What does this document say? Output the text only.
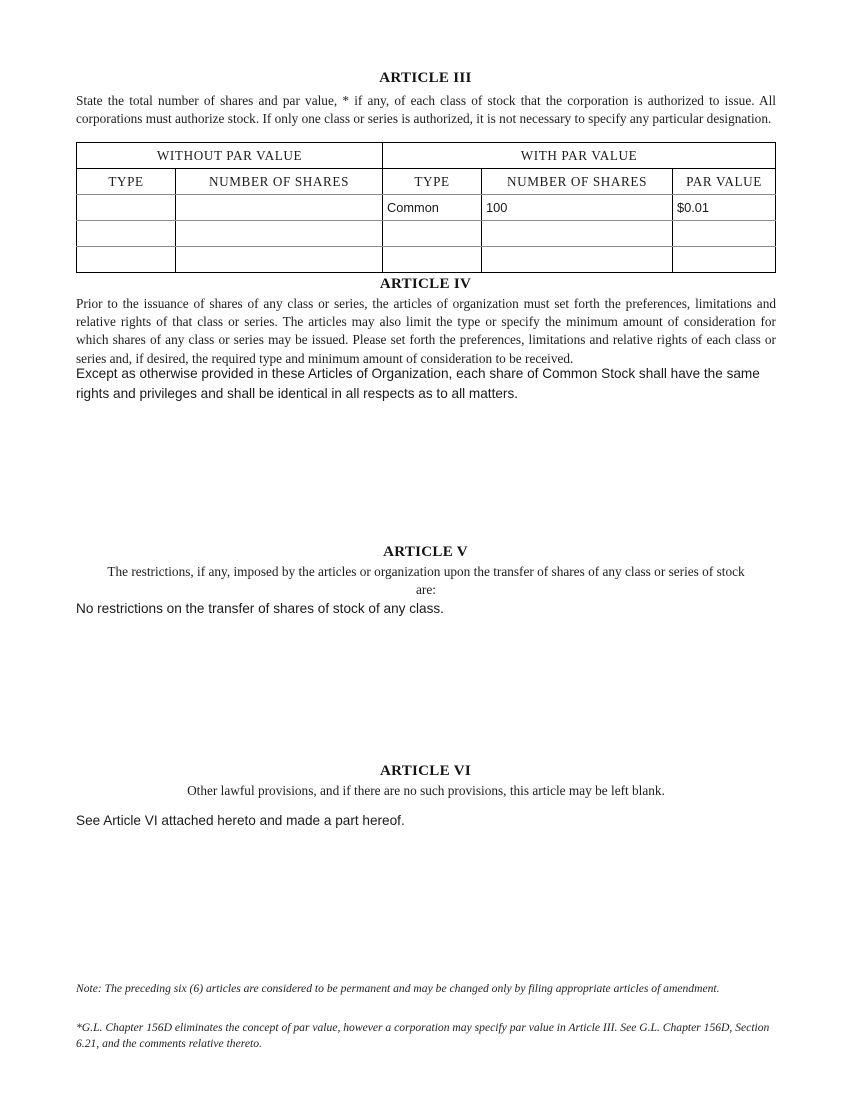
ARTICLE III
State the total number of shares and par value, * if any, of each class of stock that the corporation is authorized to issue. All corporations must authorize stock. If only one class or series is authorized, it is not necessary to specify any particular designation.
WITHOUT PAR VALUE		WITH PAR VALUE		

TYPE	NUMBER OF SHARES	TYPE	NUMBER OF SHARES	PAR VALUE

		Common	100	$0.01

ARTICLE IV
Prior to the issuance of shares of any class or series, the articles of organization must set forth the preferences, limitations and relative rights of that class or series. The articles may also limit the type or specify the minimum amount of consideration for which shares of any class or series may be issued. Please set forth the preferences, limitations and relative rights of each class or series and, if desired, the required type and minimum amount of consideration to be received.
Except as otherwise provided in these Articles of Organization, each share of Common Stock shall have the same rights and privileges and shall be identical in all respects as to all matters.
ARTICLE V
The restrictions, if any, imposed by the articles or organization upon the transfer of shares of any class or series of stock are:
No restrictions on the transfer of shares of stock of any class.
ARTICLE VI
Other lawful provisions, and if there are no such provisions, this article may be left blank.
See Article VI attached hereto and made a part hereof.
Note: The preceding six (6) articles are considered to be permanent and may be changed only by filing appropriate articles of amendment.
*G.L. Chapter 156D eliminates the concept of par value, however a corporation may specify par value in Article III. See G.L. Chapter 156D, Section 6.21, and the comments relative thereto.
